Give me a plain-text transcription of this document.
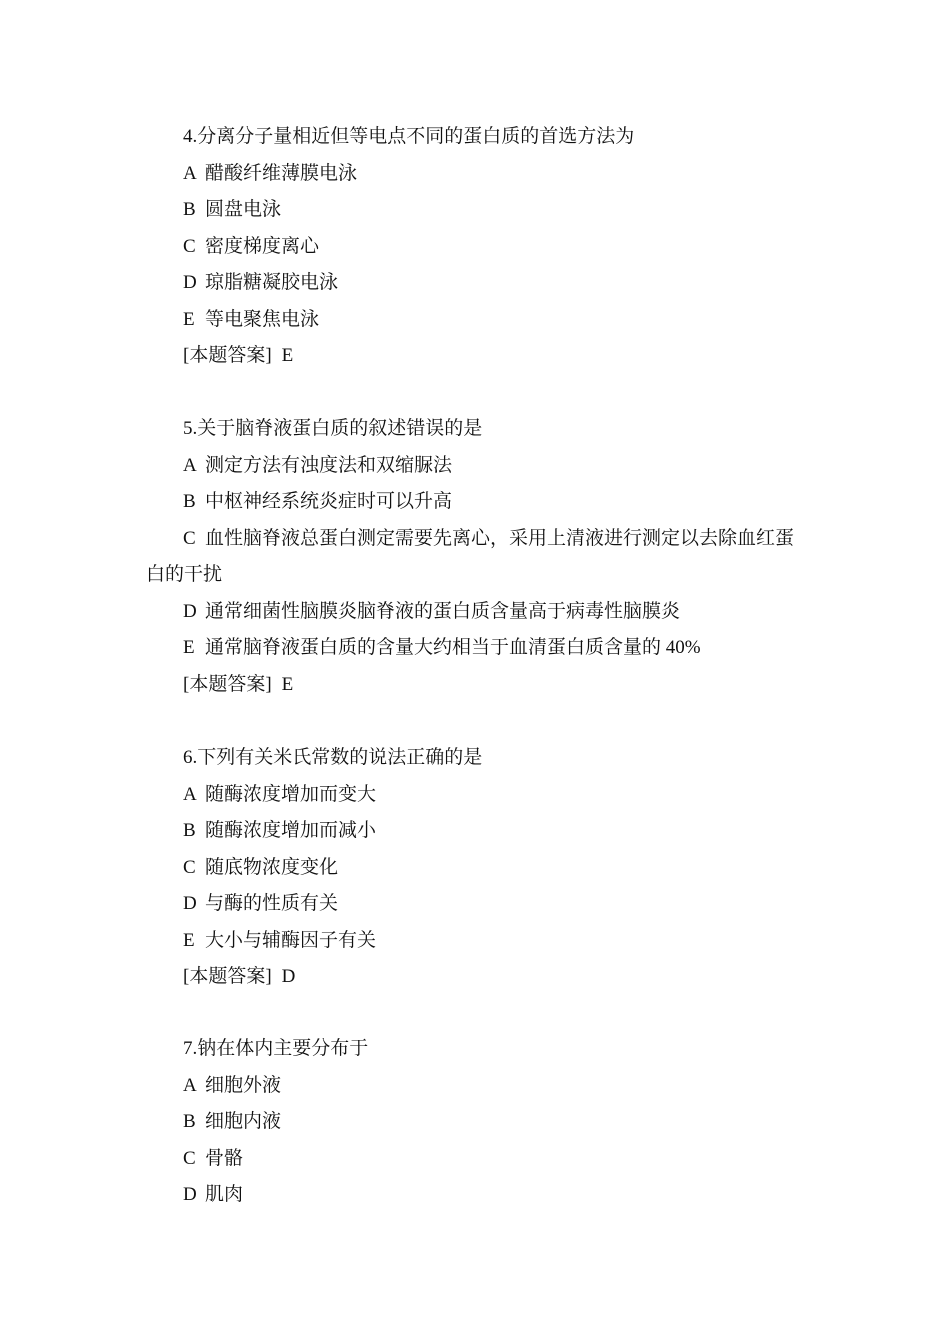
4.分离分子量相近但等电点不同的蛋白质的首选方法为
A 醋酸纤维薄膜电泳
B 圆盘电泳
C 密度梯度离心
D 琼脂糖凝胶电泳
E 等电聚焦电泳
[本题答案] E
5.关于脑脊液蛋白质的叙述错误的是
A 测定方法有浊度法和双缩脲法
B 中枢神经系统炎症时可以升高
C 血性脑脊液总蛋白测定需要先离心，采用上清液进行测定以去除血红蛋
白的干扰
D 通常细菌性脑膜炎脑脊液的蛋白质含量高于病毒性脑膜炎
E 通常脑脊液蛋白质的含量大约相当于血清蛋白质含量的 40%
[本题答案] E
6.下列有关米氏常数的说法正确的是
A 随酶浓度增加而变大
B 随酶浓度增加而减小
C 随底物浓度变化
D 与酶的性质有关
E 大小与辅酶因子有关
[本题答案] D
7.钠在体内主要分布于
A 细胞外液
B 细胞内液
C 骨骼
D 肌肉
